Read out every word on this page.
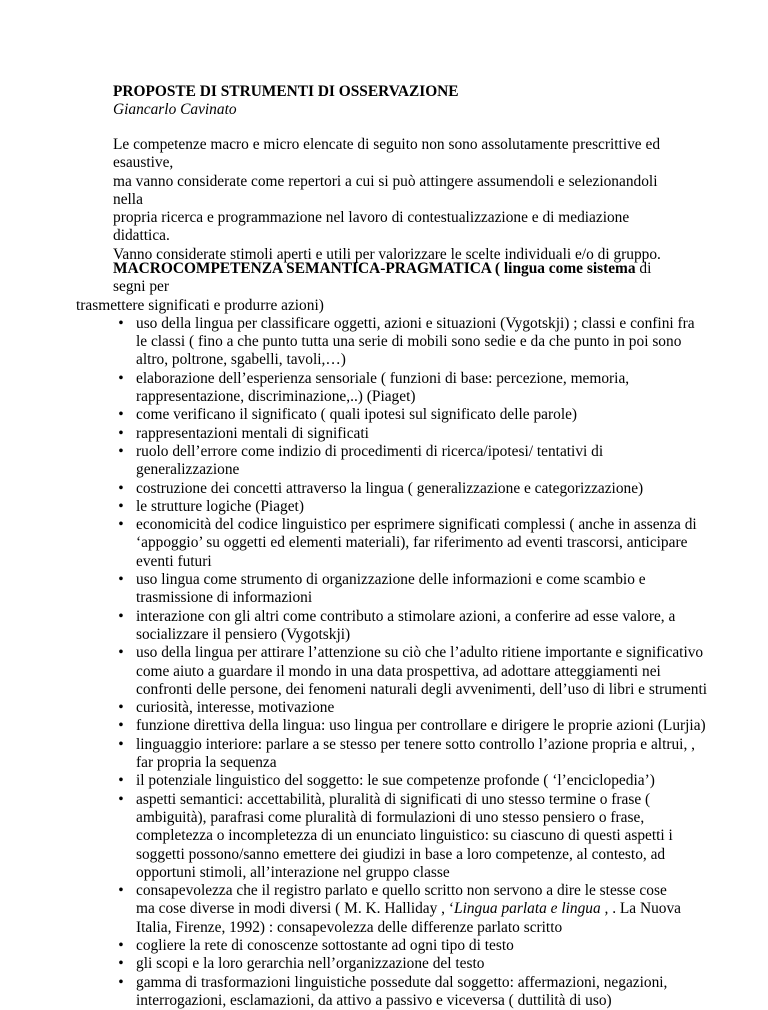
PROPOSTE DI STRUMENTI DI OSSERVAZIONE
Giancarlo Cavinato

Le competenze macro e micro elencate di seguito non sono assolutamente prescrittive ed esaustive,

ma vanno considerate come repertori a cui si può attingere assumendoli e selezionandoli nella

propria ricerca e programmazione nel lavoro di contestualizzazione e di mediazione didattica.

Vanno considerate stimoli aperti e utili per valorizzare le scelte individuali e/o di gruppo.

MACROCOMPETENZA SEMANTICA-PRAGMATICA ( lingua come sistema di segni per

trasmettere significati e produrre azioni)

• uso della lingua per classificare oggetti, azioni e situazioni (Vygotskji) ; classi e confini fra
le classi ( fino a che punto tutta una serie di mobili sono sedie e da che punto in poi sono
altro, poltrone, sgabelli, tavoli,…)
• elaborazione dell’esperienza sensoriale ( funzioni di base: percezione, memoria,
rappresentazione, discriminazione,..) (Piaget)
• come verificano il significato ( quali ipotesi sul significato delle parole)
• rappresentazioni mentali di significati
• ruolo dell’errore come indizio di procedimenti di ricerca/ipotesi/ tentativi di
generalizzazione
• costruzione dei concetti attraverso la lingua ( generalizzazione e categorizzazione)
• le strutture logiche (Piaget)
• economicità del codice linguistico per esprimere significati complessi ( anche in assenza di
‘appoggio’ su oggetti ed elementi materiali), far riferimento ad eventi trascorsi, anticipare
eventi futuri
• uso lingua come strumento di organizzazione delle informazioni e come scambio e
trasmissione di informazioni
• interazione con gli altri come contributo a stimolare azioni, a conferire ad esse valore, a
socializzare il pensiero (Vygotskji)
• uso della lingua per attirare l’attenzione su ciò che l’adulto ritiene importante e significativo
come aiuto a guardare il mondo in una data prospettiva, ad adottare atteggiamenti nei
confronti delle persone, dei fenomeni naturali degli avvenimenti, dell’uso di libri e strumenti
• curiosità, interesse, motivazione
• funzione direttiva della lingua: uso lingua per controllare e dirigere le proprie azioni (Lurjia)
• linguaggio interiore: parlare a se stesso per tenere sotto controllo l’azione propria e altrui, ,
far propria la sequenza
• il potenziale linguistico del soggetto: le sue competenze profonde ( ‘l’enciclopedia’)
• aspetti semantici: accettabilità, pluralità di significati di uno stesso termine o frase (
ambiguità), parafrasi come pluralità di formulazioni di uno stesso pensiero o frase,
completezza o incompletezza di un enunciato linguistico: su ciascuno di questi aspetti i
soggetti possono/sanno emettere dei giudizi in base a loro competenze, al contesto, ad
opportuni stimoli, all’interazione nel gruppo classe
• consapevolezza che il registro parlato e quello scritto non servono a dire le stesse cose
ma cose diverse in modi diversi ( M. K. Halliday , ‘Lingua parlata e lingua , . La Nuova
Italia, Firenze, 1992) : consapevolezza delle differenze parlato scritto
• cogliere la rete di conoscenze sottostante ad ogni tipo di testo
• gli scopi e la loro gerarchia nell’organizzazione del testo
• gamma di trasformazioni linguistiche possedute dal soggetto: affermazioni, negazioni,
interrogazioni, esclamazioni, da attivo a passivo e viceversa ( duttilità di uso)
